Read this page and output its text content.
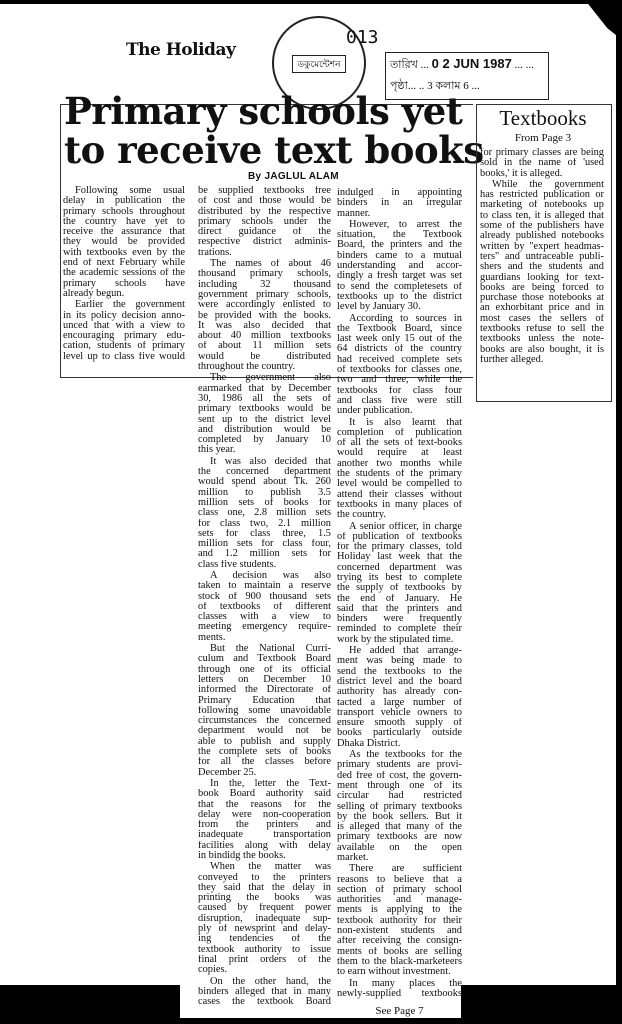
The Holiday
ডকুমেন্টেশন
013
তারিখ ... 0 2 JUN 1987 ... ...
পৃষ্ঠা... .. 3 কলাম 6 ...
Primary schools yet
to receive text books
By JAGLUL ALAM
Following some usual
delay in publication the
primary schools throughout
the country have yet to
receive the assurance that
they would be provided
with textbooks even by the
end of next February while
the academic sessions of the
primary schools have
already begun.
Earlier the government
in its policy decision anno-
unced that with a view to
encouraging primary edu-
cation, students of primary
level up to class five would
be supplied textbooks free
of cost and those would be
distributed by the respective
primary schools under the
direct guidance of the
respective district adminis-
trations.
The names of about 46
thousand primary schools,
including 32 thousand
government primary schools,
were accordingly enlisted to
be provided with the books.
It was also decided that
about 40 million textbooks
of about 11 million sets
would be distributed
throughout the country.
The government also
earmarked that by December
30, 1986 all the sets of
primary textbooks would be
sent up to the district level
and distribution would be
completed by January 10
this year.
It was also decided that
the concerned department
would spend about Tk. 260
million to publish 3.5
million sets of books for
class one, 2.8 million sets
for class two, 2.1 million
sets for class three, 1.5
million sets for class four,
and 1.2 million sets for
class five students.
A decision was also
taken to maintain a reserve
stock of 900 thousand sets
of textbooks of different
classes with a view to
meeting emergency require-
ments.
But the National Curri-
culum and Textbook Board
through one of its official
letters on December 10
informed the Directorate of
Primary Education that
following some unavoidable
circumstances the concerned
department would not be
able to publish and supply
the complete sets of books
for all the classes before
December 25.
In the, letter the Text-
book Board authority said
that the reasons for the
delay were non-cooperation
from the printers and
inadequate transportation
facilities along with delay
in bindidg the books.
When the matter was
conveyed to the printers
they said that the delay in
printing the books was
caused by frequent power
disruption, inadequate sup-
ply of newsprint and delay-
ing tendencies of the
textbook authority to issue
final print orders of the
copies.
On the other hand, the
binders alleged that in many
cases the textbook Board
indulged in appointing
binders in an irregular
manner.
However, to arrest the
situation, the Textbook
Board, the printers and the
binders came to a mutual
understanding and accor-
dingly a fresh target was set
to send the completesets of
textbooks up to the district
level by January 30.
According to sources in
the Textbook Board, since
last week only 15 out of the
64 districts of the country
had received complete sets
of textbooks for classes one,
two and three, while the
textbooks for class four
and class five were still
under publication.
It is also learnt that
completion of publication
of all the sets of text-books
would require at least
another two months while
the students of the primary
level would be compelled to
attend their classes without
textbooks in many places of
the country.
A senior officer, in charge
of publication of textbooks
for the primary classes, told
Holiday last week that the
concerned department was
trying its best to complete
the supply of textbooks by
the end of January. He
said that the printers and
binders were frequently
reminded to complete their
work by the stipulated time.
He added that arrange-
ment was being made to
send the textbooks to the
district level and the board
authority has already con-
tacted a large number of
transport vehicle owners to
ensure smooth supply of
books particularly outside
Dhaka District.
As the textbooks for the
primary students are provi-
ded free of cost, the govern-
ment through one of its
circular had restricted
selling of primary textbooks
by the book sellers. But it
is alleged that many of the
primary textbooks are now
available on the open
market.
There are sufficient
reasons to believe that a
section of primary school
authorities and manage-
ments is applying to the
textbook authority for their
non-existent students and
after receiving the consign-
ments of books are selling
them to the black-marketeers
to earn without investment.
In many places the
newly-supplied textbooks
See Page 7
Textbooks
From Page 3
for primary classes are being
sold in the name of 'used
books,' it is alleged.
While the government
has restricted publication or
marketing of notebooks up
to class ten, it is alleged that
some of the publishers have
already published notebooks
written by "expert headmas-
ters" and untraceable publi-
shers and the students and
guardians looking for text-
books are being forced to
purchase those notebooks at
an exhorbitant price and in
most cases the sellers of
textbooks refuse to sell the
textbooks unless the note-
books are also bought, it is
further alleged.
